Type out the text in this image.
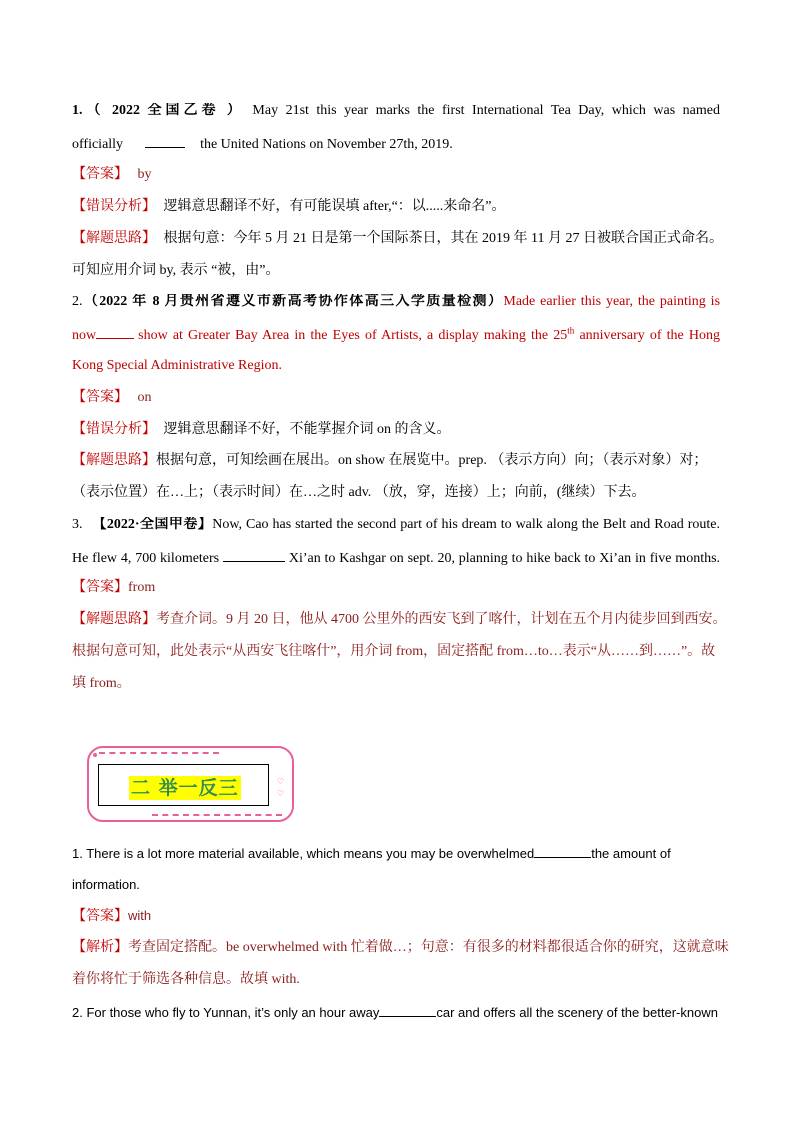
1.（ 2022 全国乙卷 ） May 21st this year marks the first International Tea Day, which was named
officially	the United Nations on November 27th, 2019.
【答案】 by
【错误分析】 逻辑意思翻译不好，有可能误填 after,“：以.....来命名”。
【解题思路】 根据句意：今年 5 月 21 日是第一个国际茶日，其在 2019 年 11 月 27 日被联合国正式命名。
可知应用介词 by, 表示 “被，由”。
2.（2022 年 8 月贵州省遵义市新高考协作体高三入学质量检测）Made earlier this year, the painting is
now	show at Greater Bay Area in the Eyes of Artists, a display making the 25th anniversary of the Hong
Kong Special Administrative Region.
【答案】 on
【错误分析】 逻辑意思翻译不好，不能掌握介词 on 的含义。
【解题思路】根据句意，可知绘画在展出。on show 在展览中。prep. （表示方向）向；（表示对象）对；
（表示位置）在…上；（表示时间）在…之时 adv. （放，穿，连接）上；向前，(继续）下去。
3. 【2022·全国甲卷】Now, Cao has started the second part of his dream to walk along the Belt and Road route.
He flew 4, 700 kilometers	Xi’an to Kashgar on sept. 20, planning to hike back to Xi’an in five months.
【答案】from
【解题思路】考查介词。9 月 20 日，他从 4700 公里外的西安飞到了喀什，计划在五个月内徒步回到西安。
根据句意可知，此处表示“从西安飞往喀什”，用介词 from，固定搭配 from…to…表示“从……到……”。故
填 from。
♡
♡
二 举一反三
1. There is a lot more material available, which means you may be overwhelmed	the amount of
information.
【答案】with
【解析】考查固定搭配。be overwhelmed with 忙着做…；句意：有很多的材料都很适合你的研究，这就意味
着你将忙于筛选各种信息。故填 with.
2. For those who fly to Yunnan, it’s only an hour away	car and offers all the scenery of the better-known
